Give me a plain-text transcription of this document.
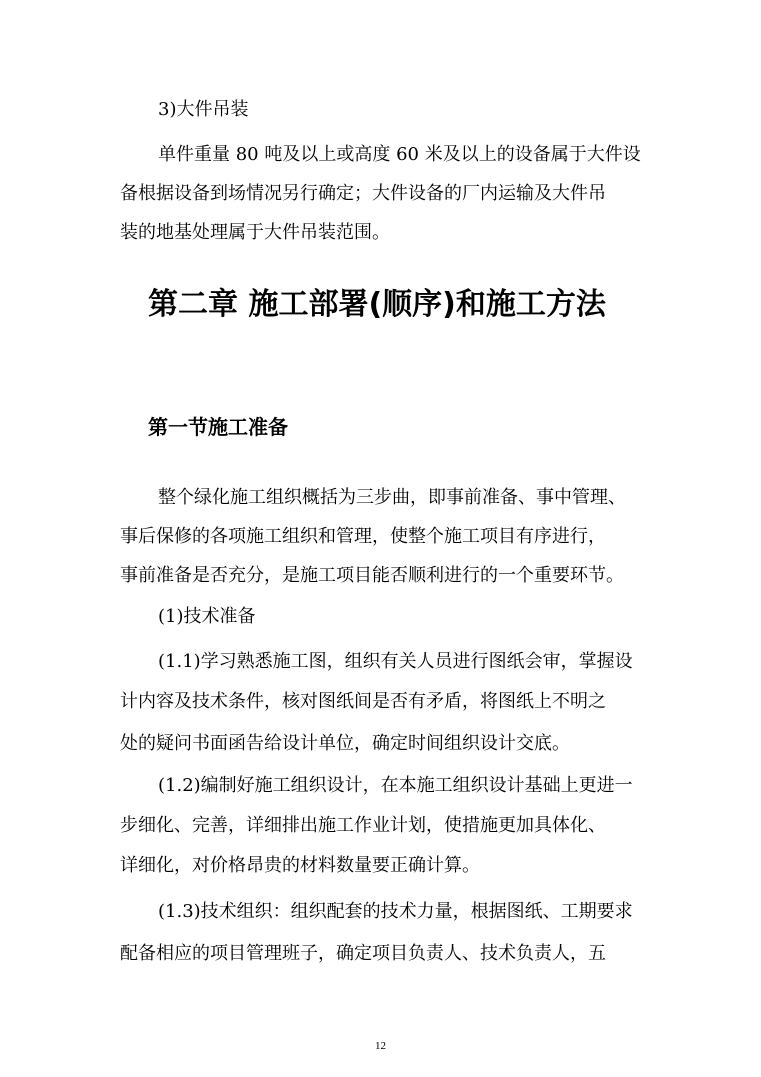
3)大件吊装
单件重量 80 吨及以上或高度 60 米及以上的设备属于大件设
备根据设备到场情况另行确定；大件设备的厂内运输及大件吊
装的地基处理属于大件吊装范围。
第二章 施工部署(顺序)和施工方法
第一节施工准备
整个绿化施工组织概括为三步曲，即事前准备、事中管理、
事后保修的各项施工组织和管理，使整个施工项目有序进行，
事前准备是否充分，是施工项目能否顺利进行的一个重要环节。
(1)技术准备
(1.1)学习熟悉施工图，组织有关人员进行图纸会审，掌握设
计内容及技术条件，核对图纸间是否有矛盾，将图纸上不明之
处的疑问书面函告给设计单位，确定时间组织设计交底。
(1.2)编制好施工组织设计，在本施工组织设计基础上更进一
步细化、完善，详细排出施工作业计划，使措施更加具体化、
详细化，对价格昂贵的材料数量要正确计算。
(1.3)技术组织：组织配套的技术力量，根据图纸、工期要求
配备相应的项目管理班子，确定项目负责人、技术负责人，五
12
